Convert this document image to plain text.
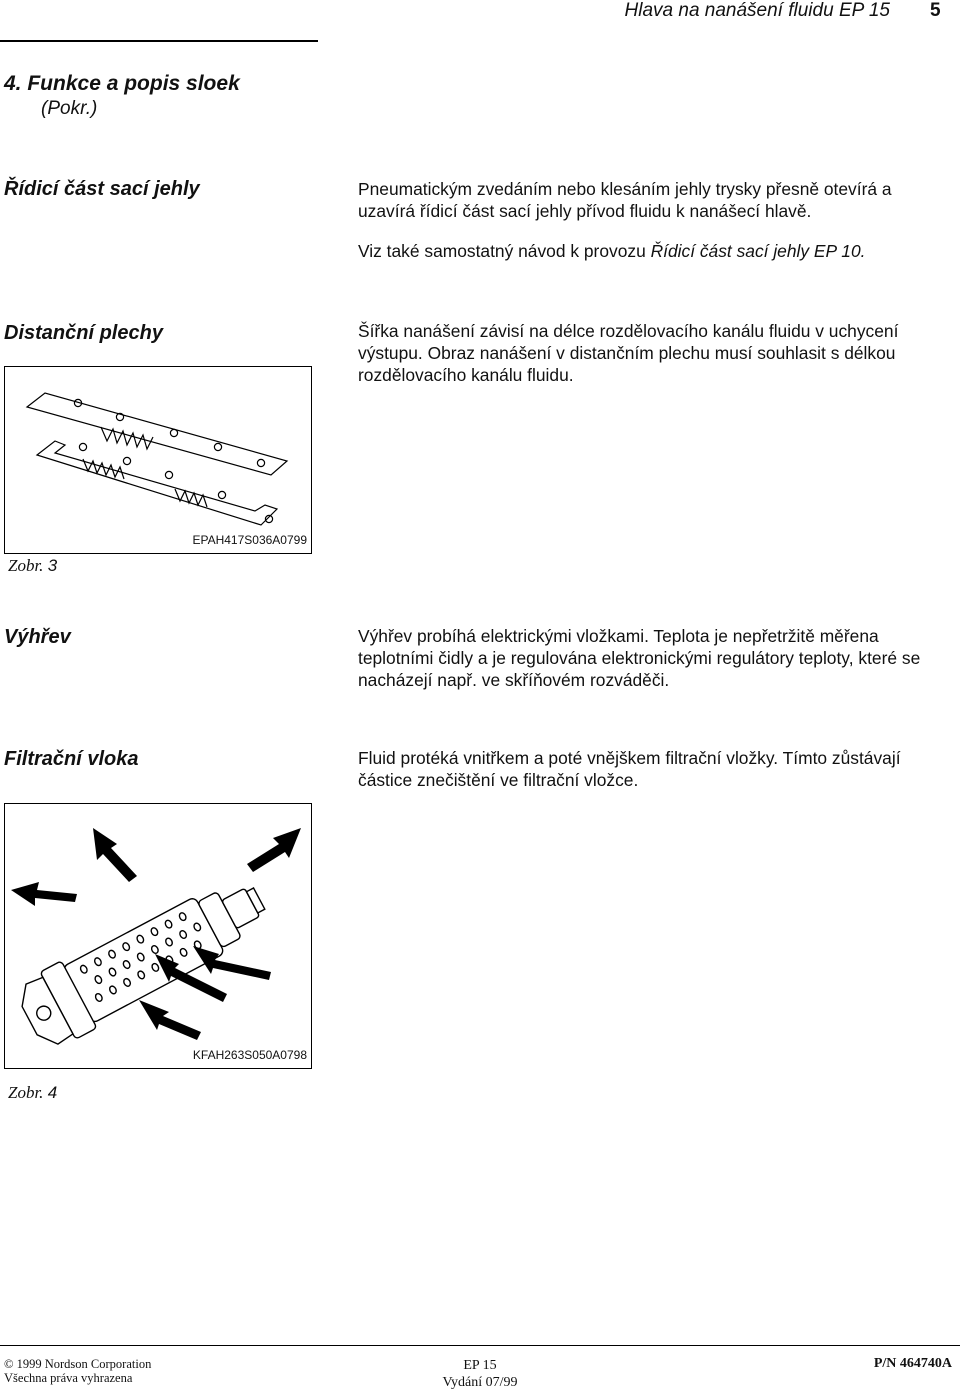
Hlava na nanášení fluidu EP 15 5
4. Funkce a popis sloek
(Pokr.)
Řídicí část sací jehly	Pneumatickým zvedáním nebo klesáním jehly trysky přesně otevírá a uzavírá řídicí část sací jehly přívod fluidu k nanášecí hlavě.

Viz také samostatný návod k provozu Řídicí část sací jehly EP 10.

Distanční plechy	Šířka nanášení závisí na délce rozdělovacího kanálu fluidu v uchycení výstupu. Obraz nanášení v distančním plechu musí souhlasit s délkou rozdělovacího kanálu fluidu.
EPAH417S036A0799
Zobr. 3
Výhřev	Výhřev probíhá elektrickými vložkami. Teplota je nepřetržitě měřena teplotními čidly a je regulována elektronickými regulátory teploty, které se nacházejí např. ve skříňovém rozváděči.
Filtrační vloka	Fluid protéká vnitřkem a poté vnějškem filtrační vložky. Tímto zůstávají částice znečištění ve filtrační vložce.
KFAH263S050A0798
Zobr. 4
© 1999 Nordson Corporation
Všechna práva vyhrazena
EP 15
Vydání 07/99
P/N 464740A
